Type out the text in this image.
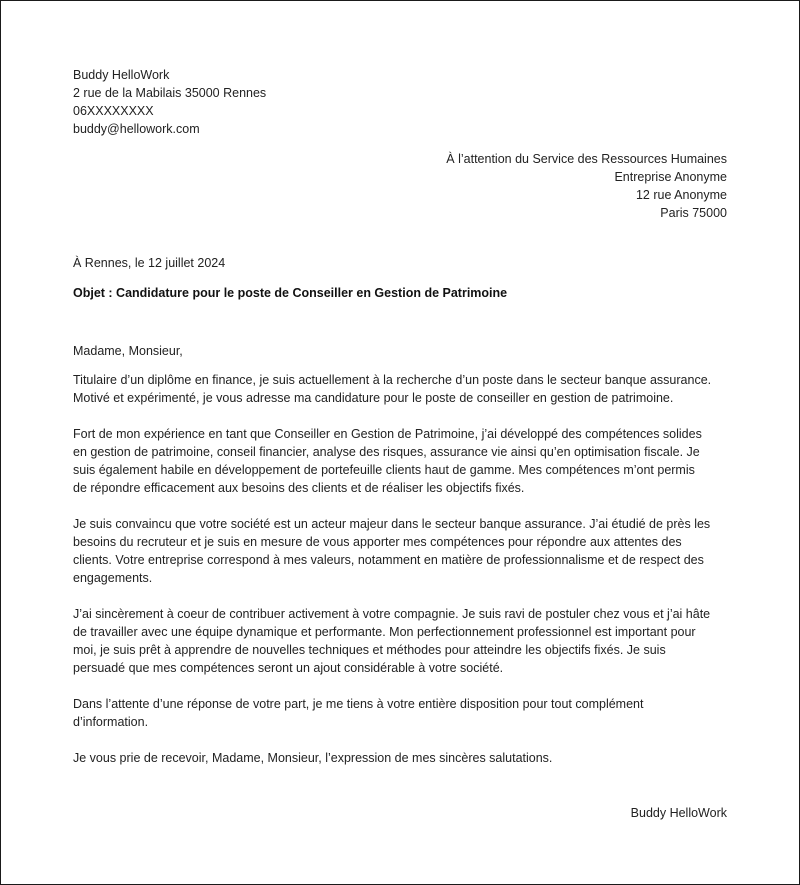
Buddy HelloWork
2 rue de la Mabilais 35000 Rennes
06XXXXXXXX
buddy@hellowork.com
À l’attention du Service des Ressources Humaines
Entreprise Anonyme
12 rue Anonyme
Paris 75000
À Rennes, le 12 juillet 2024
Objet : Candidature pour le poste de Conseiller en Gestion de Patrimoine
Madame, Monsieur,
Titulaire d’un diplôme en finance, je suis actuellement à la recherche d’un poste dans le secteur banque assurance.
Motivé et expérimenté, je vous adresse ma candidature pour le poste de conseiller en gestion de patrimoine.
Fort de mon expérience en tant que Conseiller en Gestion de Patrimoine, j’ai développé des compétences solides
en gestion de patrimoine, conseil financier, analyse des risques, assurance vie ainsi qu’en optimisation fiscale. Je
suis également habile en développement de portefeuille clients haut de gamme. Mes compétences m’ont permis
de répondre efficacement aux besoins des clients et de réaliser les objectifs fixés.
Je suis convaincu que votre société est un acteur majeur dans le secteur banque assurance. J’ai étudié de près les
besoins du recruteur et je suis en mesure de vous apporter mes compétences pour répondre aux attentes des
clients. Votre entreprise correspond à mes valeurs, notamment en matière de professionnalisme et de respect des
engagements.
J’ai sincèrement à coeur de contribuer activement à votre compagnie. Je suis ravi de postuler chez vous et j’ai hâte
de travailler avec une équipe dynamique et performante. Mon perfectionnement professionnel est important pour
moi, je suis prêt à apprendre de nouvelles techniques et méthodes pour atteindre les objectifs fixés. Je suis
persuadé que mes compétences seront un ajout considérable à votre société.
Dans l’attente d’une réponse de votre part, je me tiens à votre entière disposition pour tout complément
d’information.
Je vous prie de recevoir, Madame, Monsieur, l’expression de mes sincères salutations.
Buddy HelloWork
